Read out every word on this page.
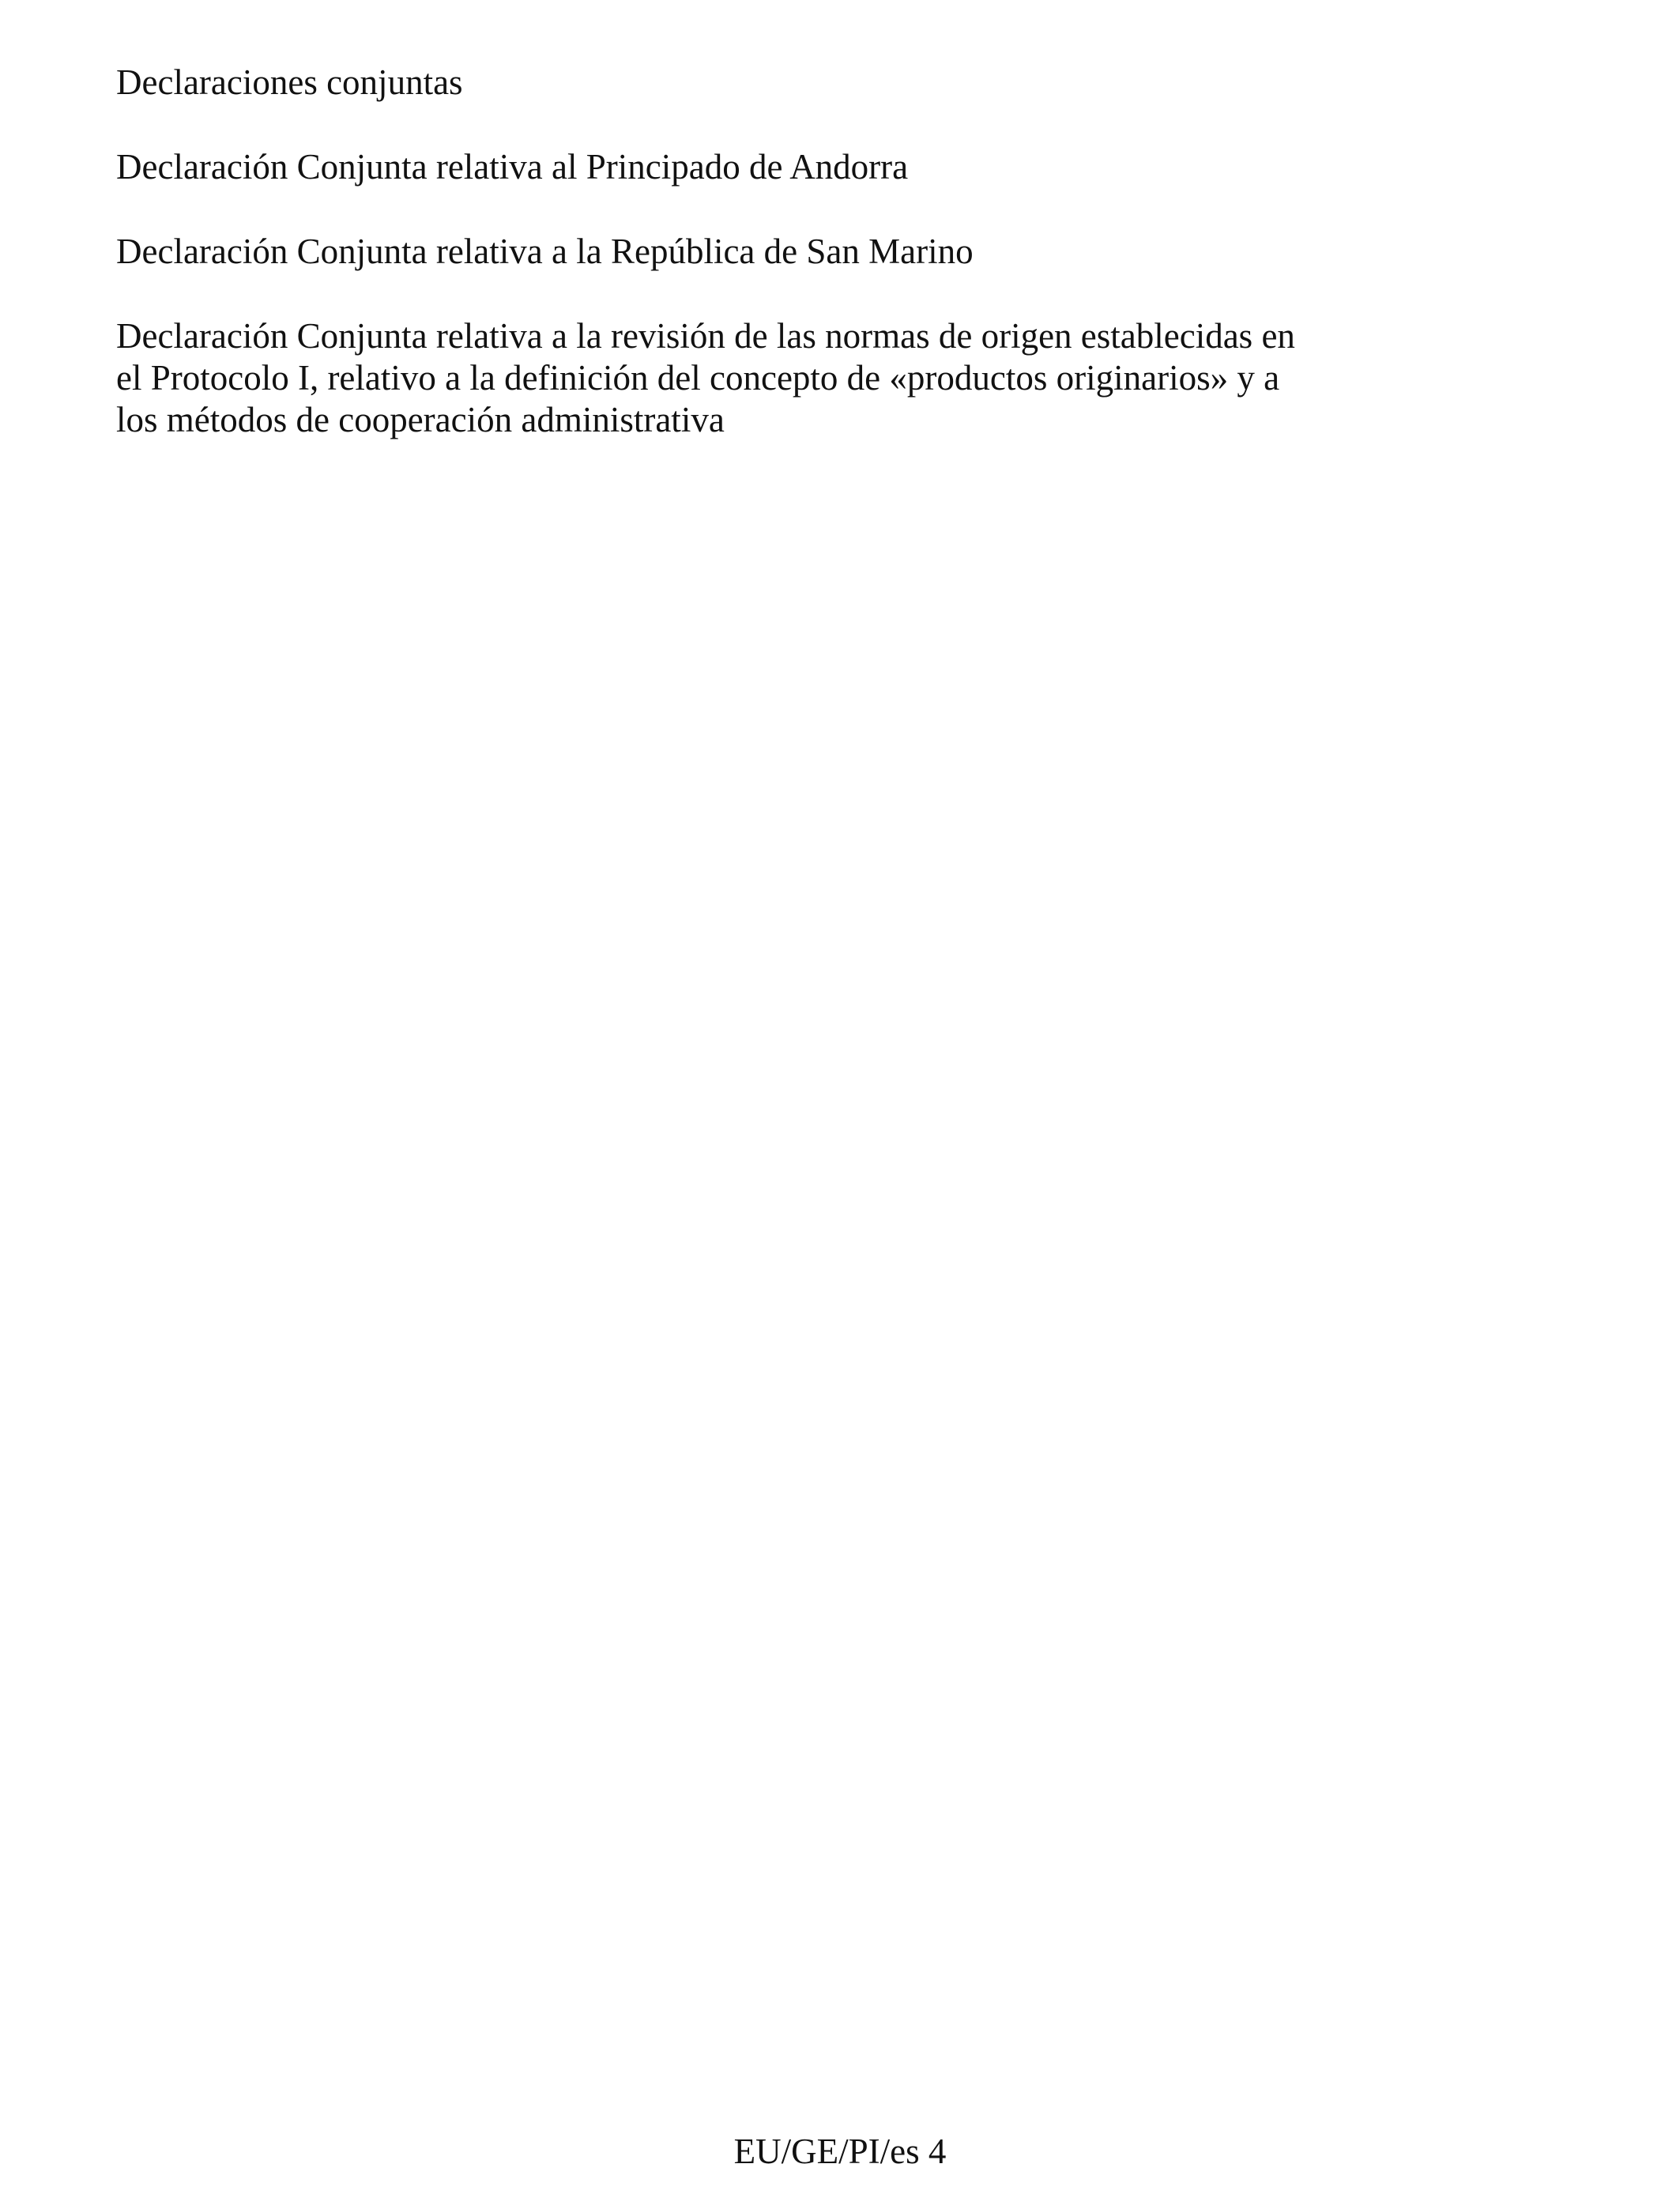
Declaraciones conjuntas

Declaración Conjunta relativa al Principado de Andorra

Declaración Conjunta relativa a la República de San Marino

Declaración Conjunta relativa a la revisión de las normas de origen establecidas en
el Protocolo I, relativo a la definición del concepto de «productos originarios» y a
los métodos de cooperación administrativa

EU/GE/PI/es 4
